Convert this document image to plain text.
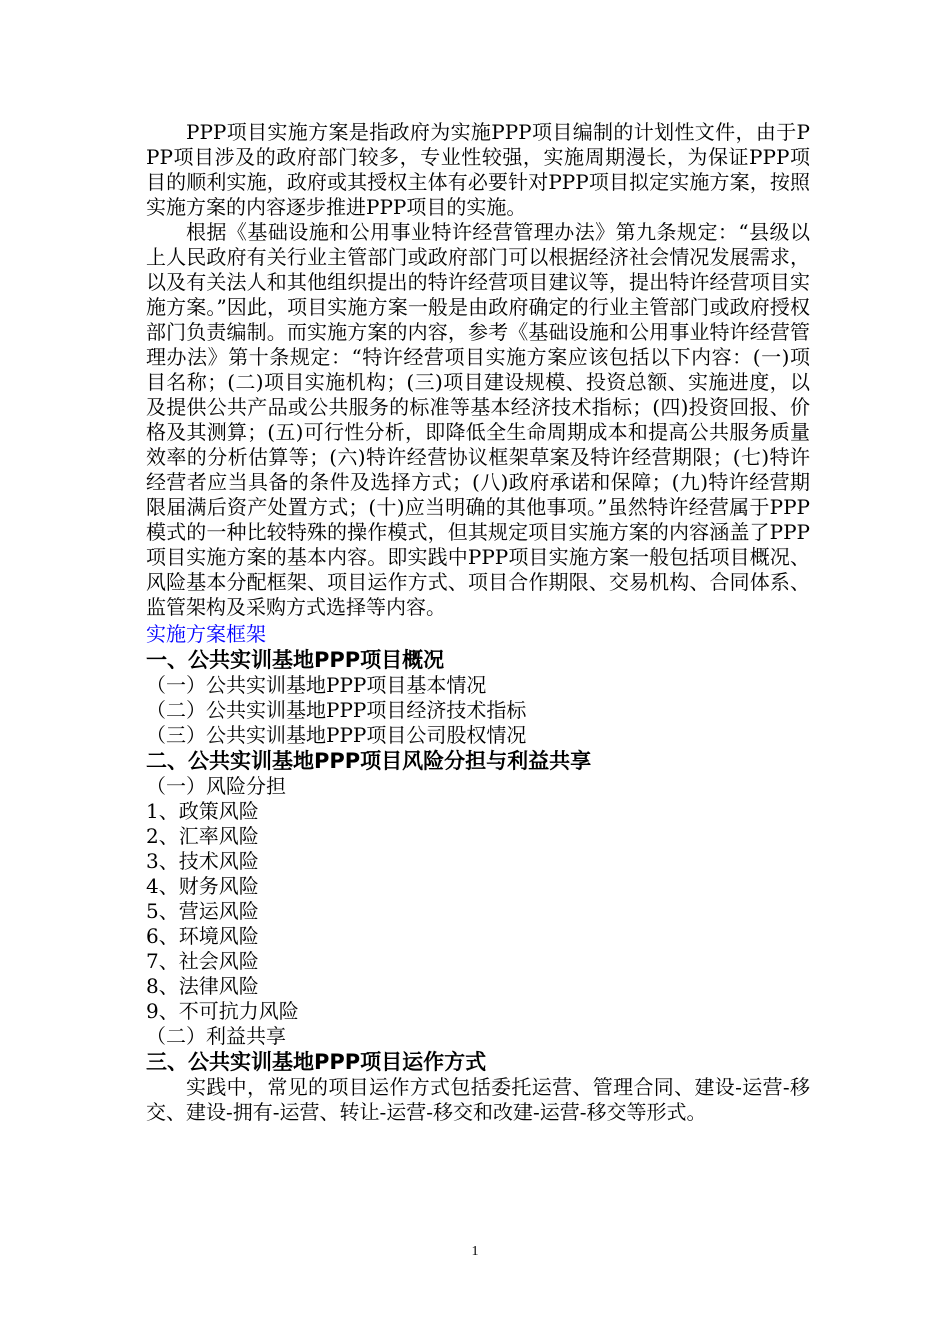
PPP项目实施方案是指政府为实施PPP项目编制的计划性文件，由于PPP项目涉及的政府部门较多，专业性较强，实施周期漫长，为保证PPP项目的顺利实施，政府或其授权主体有必要针对PPP项目拟定实施方案，按照实施方案的内容逐步推进PPP项目的实施。

根据《基础设施和公用事业特许经营管理办法》第九条规定：“县级以上人民政府有关行业主管部门或政府部门可以根据经济社会情况发展需求，以及有关法人和其他组织提出的特许经营项目建议等，提出特许经营项目实施方案。”因此，项目实施方案一般是由政府确定的行业主管部门或政府授权部门负责编制。而实施方案的内容，参考《基础设施和公用事业特许经营管理办法》第十条规定：“特许经营项目实施方案应该包括以下内容：(一)项目名称；(二)项目实施机构；(三)项目建设规模、投资总额、实施进度，以及提供公共产品或公共服务的标准等基本经济技术指标；(四)投资回报、价格及其测算；(五)可行性分析，即降低全生命周期成本和提高公共服务质量效率的分析估算等；(六)特许经营协议框架草案及特许经营期限；(七)特许经营者应当具备的条件及选择方式；(八)政府承诺和保障；(九)特许经营期限届满后资产处置方式；(十)应当明确的其他事项。”虽然特许经营属于PPP模式的一种比较特殊的操作模式，但其规定项目实施方案的内容涵盖了PPP项目实施方案的基本内容。即实践中PPP项目实施方案一般包括项目概况、风险基本分配框架、项目运作方式、项目合作期限、交易机构、合同体系、监管架构及采购方式选择等内容。

实施方案框架

一、公共实训基地PPP项目概况

（一）公共实训基地PPP项目基本情况

（二）公共实训基地PPP项目经济技术指标

（三）公共实训基地PPP项目公司股权情况

二、公共实训基地PPP项目风险分担与利益共享

（一）风险分担

1、政策风险

2、汇率风险

3、技术风险

4、财务风险

5、营运风险

6、环境风险

7、社会风险

8、法律风险

9、不可抗力风险

（二）利益共享

三、公共实训基地PPP项目运作方式

实践中，常见的项目运作方式包括委托运营、管理合同、建设-运营-移交、建设-拥有-运营、转让-运营-移交和改建-运营-移交等形式。

1
